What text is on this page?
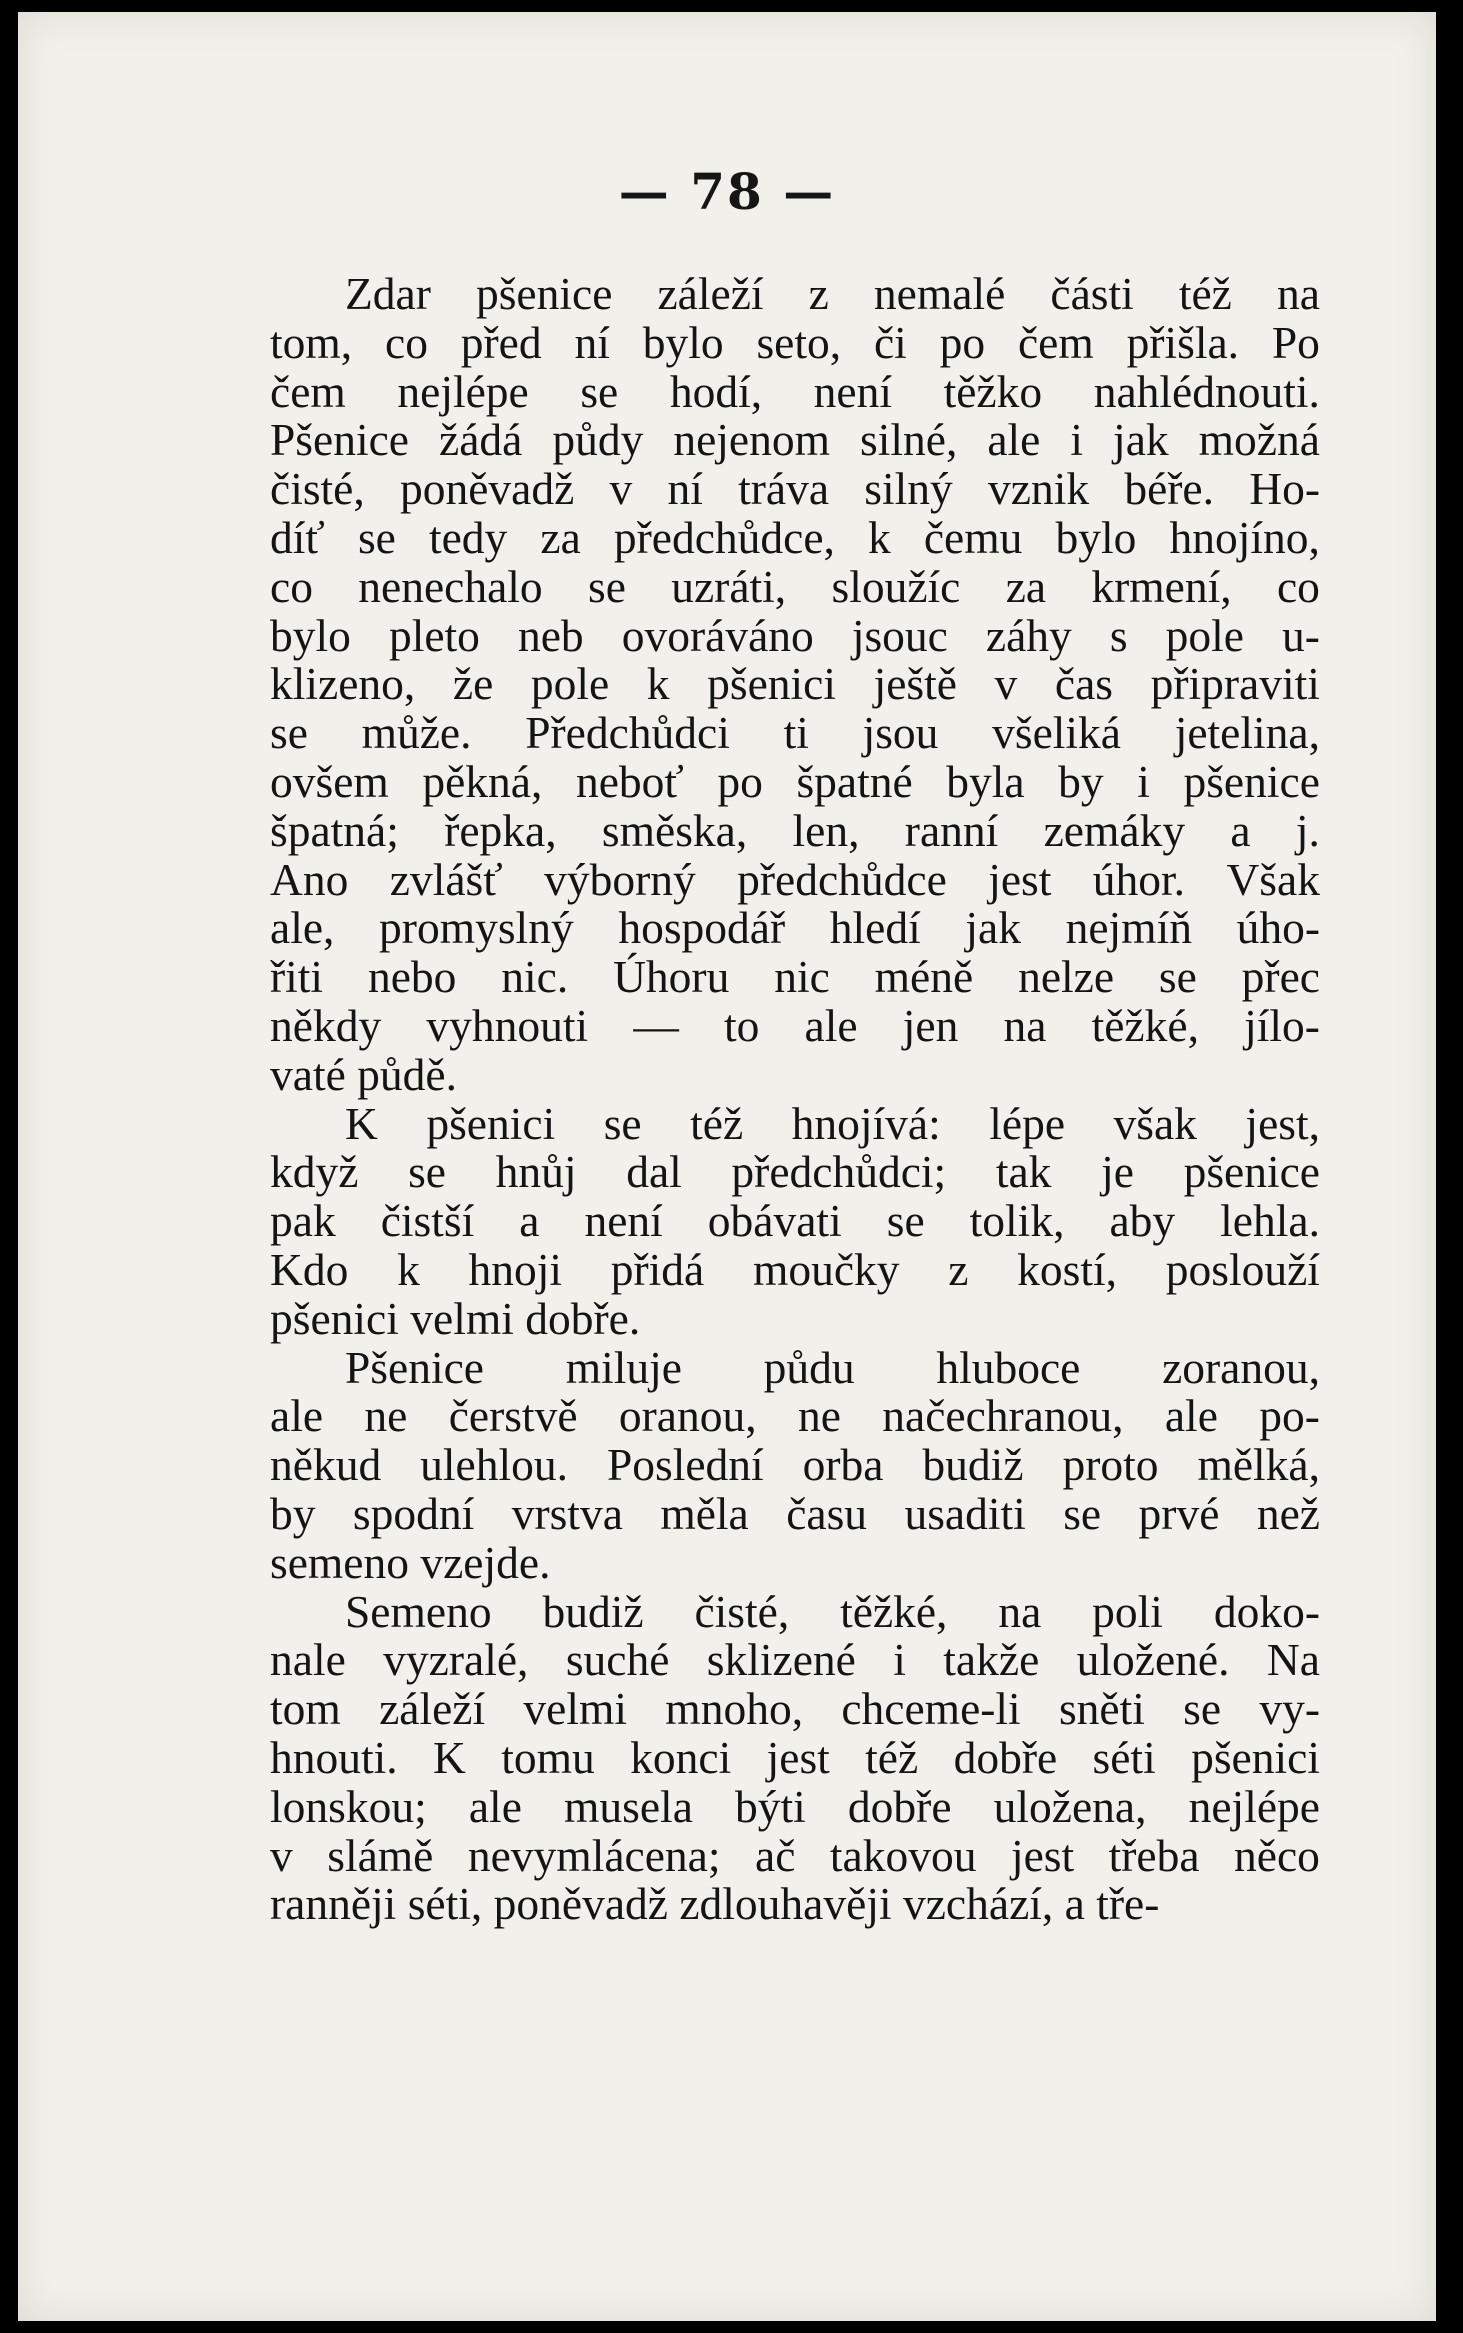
— 78 —
Zdar pšenice záleží z nemalé části též na
tom, co před ní bylo seto, či po čem přišla. Po
čem nejlépe se hodí, není těžko nahlédnouti.
Pšenice žádá půdy nejenom silné, ale i jak možná
čisté, poněvadž v ní tráva silný vznik béře. Ho-
díť se tedy za předchůdce, k čemu bylo hnojíno,
co nenechalo se uzráti, sloužíc za krmení, co
bylo pleto neb ovoráváno jsouc záhy s pole u-
klizeno, že pole k pšenici ještě v čas připraviti
se může. Předchůdci ti jsou všeliká jetelina,
ovšem pěkná, neboť po špatné byla by i pšenice
špatná; řepka, směska, len, ranní zemáky a j.
Ano zvlášť výborný předchůdce jest úhor. Však
ale, promyslný hospodář hledí jak nejmíň úho-
řiti nebo nic. Úhoru nic méně nelze se přec
někdy vyhnouti — to ale jen na těžké, jílo-
vaté půdě.
K pšenici se též hnojívá: lépe však jest,
když se hnůj dal předchůdci; tak je pšenice
pak čistší a není obávati se tolik, aby lehla.
Kdo k hnoji přidá moučky z kostí, poslouží
pšenici velmi dobře.
Pšenice miluje půdu hluboce zoranou,
ale ne čerstvě oranou, ne načechranou, ale po-
někud ulehlou. Poslední orba budiž proto mělká,
by spodní vrstva měla času usaditi se prvé než
semeno vzejde.
Semeno budiž čisté, těžké, na poli doko-
nale vyzralé, suché sklizené i takže uložené. Na
tom záleží velmi mnoho, chceme-li sněti se vy-
hnouti. K tomu konci jest též dobře séti pšenici
lonskou; ale musela býti dobře uložena, nejlépe
v slámě nevymlácena; ač takovou jest třeba něco
ranněji séti, poněvadž zdlouhavěji vzchází, a tře-
